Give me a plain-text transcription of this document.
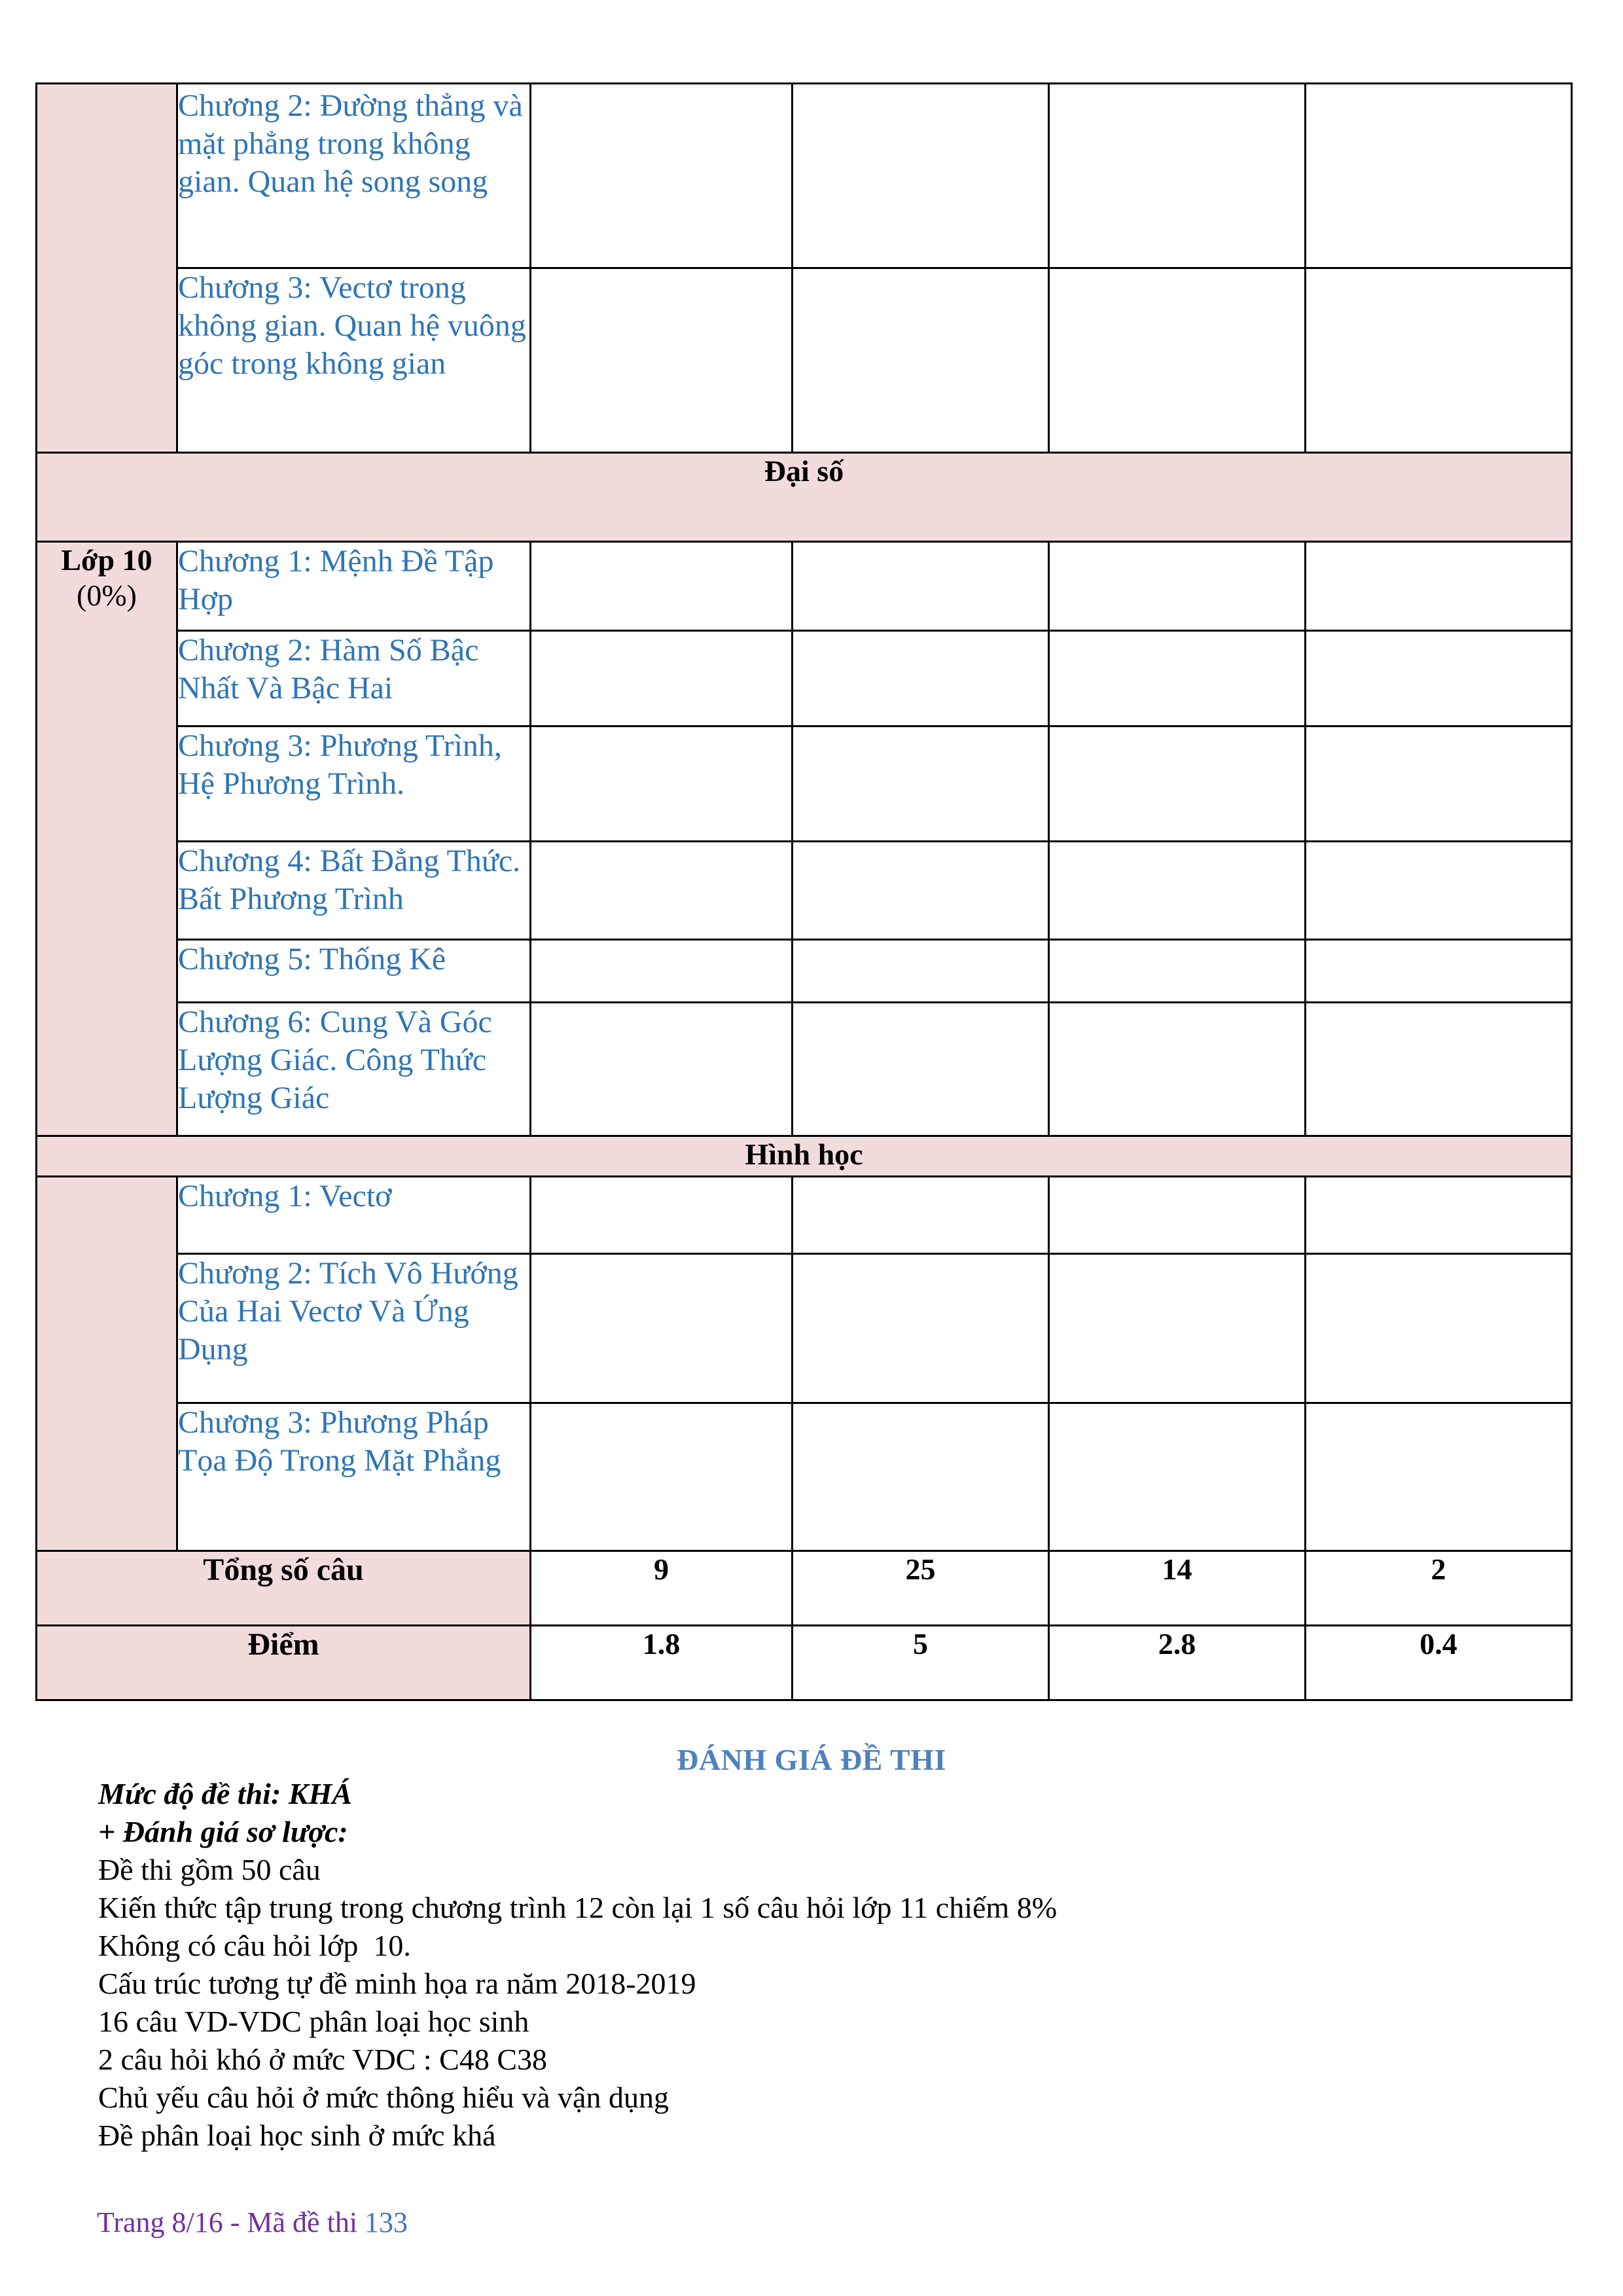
	Chương 2: Đường thẳng và mặt phẳng trong không gian. Quan hệ song song				
	Chương 3: Vectơ trong không gian. Quan hệ vuông góc trong không gian				
Đại số					
Lớp 10
(0%)	Chương 1: Mệnh Đề Tập Hợp				
	Chương 2: Hàm Số Bậc Nhất Và Bậc Hai				
	Chương 3: Phương Trình, Hệ Phương Trình.				
	Chương 4: Bất Đẳng Thức. Bất Phương Trình				
	Chương 5: Thống Kê				
	Chương 6: Cung Và Góc Lượng Giác. Công Thức Lượng Giác				
Hình học					
	Chương 1: Vectơ				
	Chương 2: Tích Vô Hướng Của Hai Vectơ Và Ứng Dụng				
	Chương 3: Phương Pháp Tọa Độ Trong Mặt Phẳng				
Tổng số câu		9	25	14	2
Điểm		1.8	5	2.8	0.4
ĐÁNH GIÁ ĐỀ THI
Mức độ đề thi: KHÁ
+ Đánh giá sơ lược:
Đề thi gồm 50 câu
Kiến thức tập trung trong chương trình 12 còn lại 1 số câu hỏi lớp 11 chiếm 8%
Không có câu hỏi lớp  10.
Cấu trúc tương tự đề minh họa ra năm 2018-2019
16 câu VD-VDC phân loại học sinh
2 câu hỏi khó ở mức VDC : C48 C38
Chủ yếu câu hỏi ở mức thông hiểu và vận dụng
Đề phân loại học sinh ở mức khá
Trang 8/16 - Mã đề thi 133
